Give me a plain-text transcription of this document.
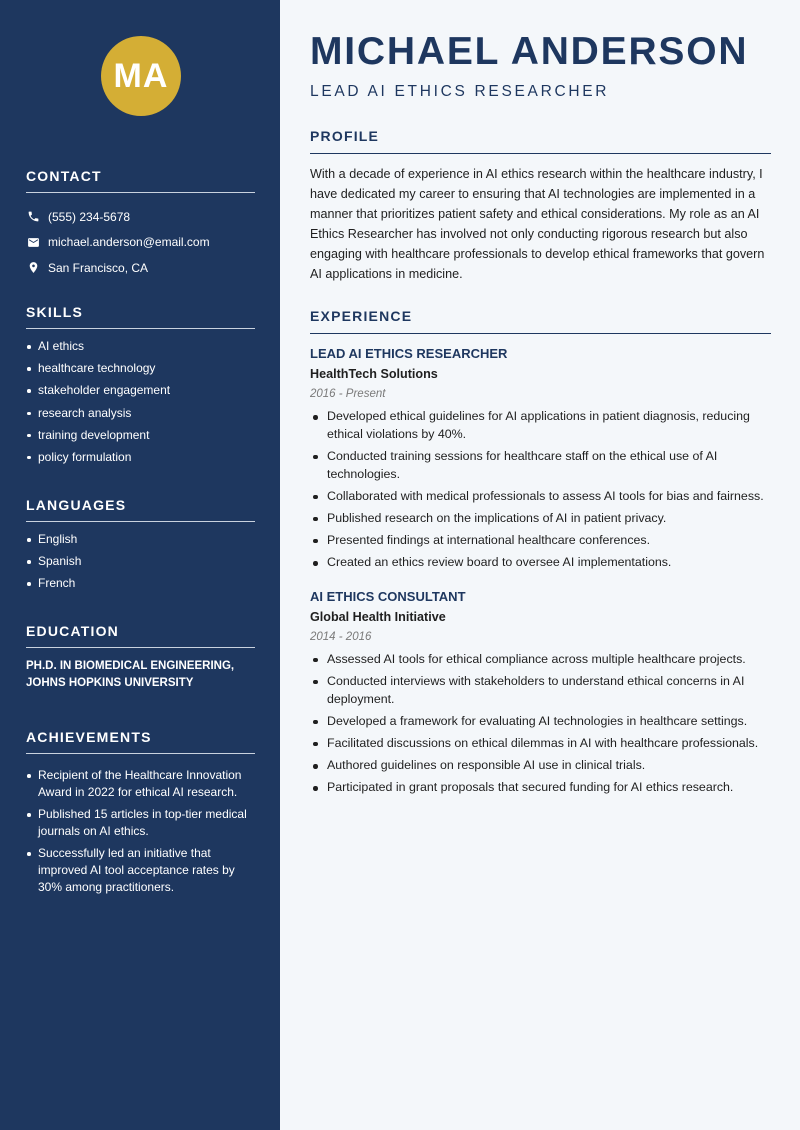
MA
CONTACT
(555) 234-5678
michael.anderson@email.com
San Francisco, CA
SKILLS
AI ethics
healthcare technology
stakeholder engagement
research analysis
training development
policy formulation
LANGUAGES
English
Spanish
French
EDUCATION

PH.D. IN BIOMEDICAL ENGINEERING, JOHNS HOPKINS UNIVERSITY

ACHIEVEMENTS
Recipient of the Healthcare Innovation Award in 2022 for ethical AI research.
Published 15 articles in top-tier medical journals on AI ethics.
Successfully led an initiative that improved AI tool acceptance rates by 30% among practitioners.
MICHAEL ANDERSON
LEAD AI ETHICS RESEARCHER
PROFILE

With a decade of experience in AI ethics research within the healthcare industry, I have dedicated my career to ensuring that AI technologies are implemented in a manner that prioritizes patient safety and ethical considerations. My role as an AI Ethics Researcher has involved not only conducting rigorous research but also engaging with healthcare professionals to develop ethical frameworks that govern AI applications in medicine.

EXPERIENCE
LEAD AI ETHICS RESEARCHER
HealthTech Solutions
2016 - Present
Developed ethical guidelines for AI applications in patient diagnosis, reducing ethical violations by 40%.
Conducted training sessions for healthcare staff on the ethical use of AI technologies.
Collaborated with medical professionals to assess AI tools for bias and fairness.
Published research on the implications of AI in patient privacy.
Presented findings at international healthcare conferences.
Created an ethics review board to oversee AI implementations.
AI ETHICS CONSULTANT
Global Health Initiative
2014 - 2016
Assessed AI tools for ethical compliance across multiple healthcare projects.
Conducted interviews with stakeholders to understand ethical concerns in AI deployment.
Developed a framework for evaluating AI technologies in healthcare settings.
Facilitated discussions on ethical dilemmas in AI with healthcare professionals.
Authored guidelines on responsible AI use in clinical trials.
Participated in grant proposals that secured funding for AI ethics research.
